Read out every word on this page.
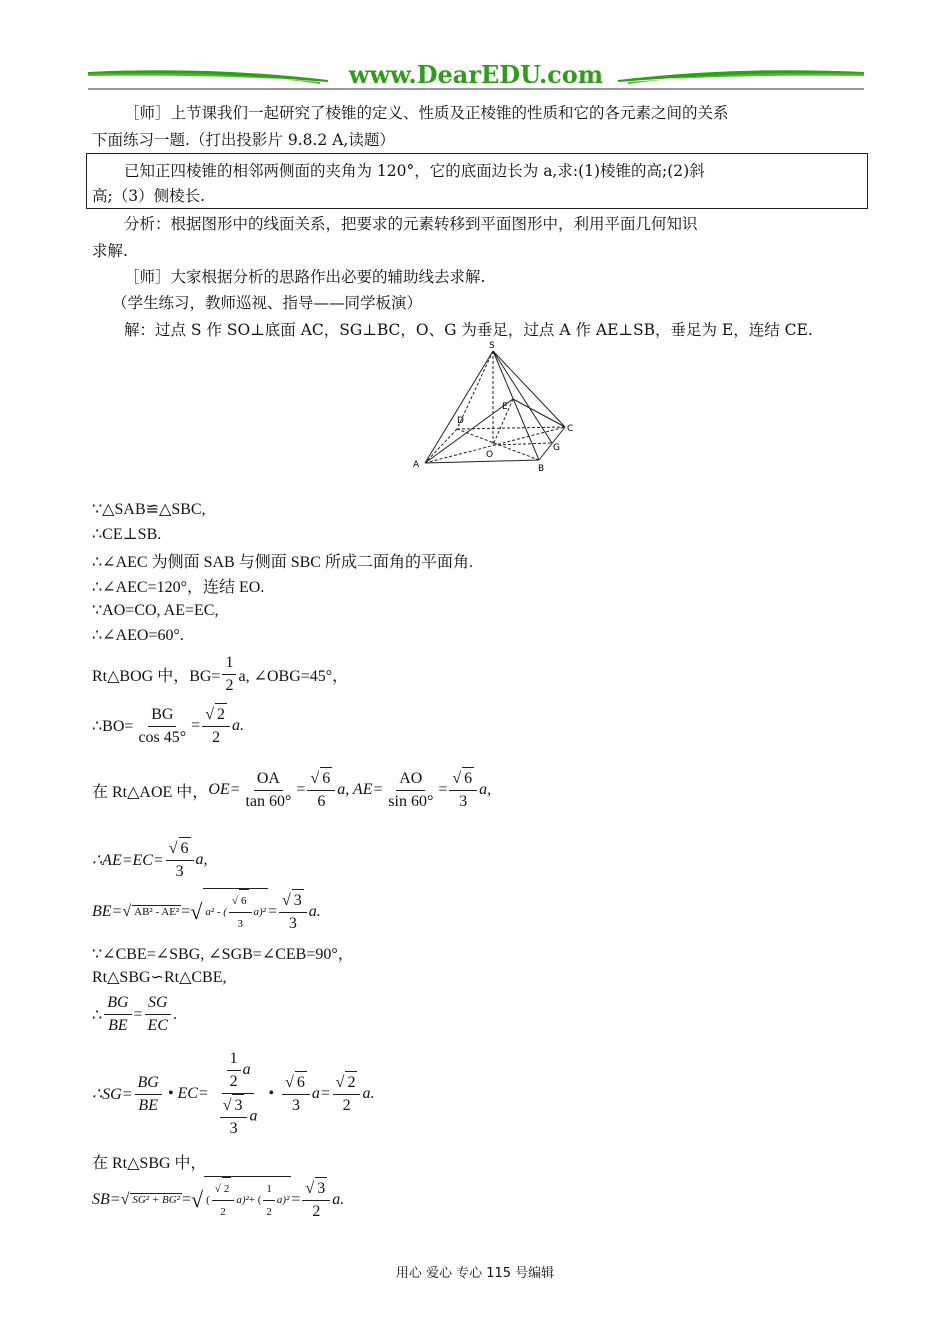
www.DearEDU.com
［师］上节课我们一起研究了棱锥的定义、性质及正棱锥的性质和它的各元素之间的关系
下面练习一题.（打出投影片 9.8.2 A,读题）
已知正四棱锥的相邻两侧面的夹角为 120°，它的底面边长为 a,求:(1)棱锥的高;(2)斜
高;（3）侧棱长.
分析：根据图形中的线面关系，把要求的元素转移到平面图形中，利用平面几何知识
求解.
［师］大家根据分析的思路作出必要的辅助线去求解.
（学生练习，教师巡视、指导——同学板演）
解：过点 S 作 SO⊥底面 AC，SG⊥BC，O、G 为垂足，过点 A 作 AE⊥SB，垂足为 E，连结 CE.
S
A	B
C
D
E
O
G
∵△SAB≌△SBC,
∴CE⊥SB.
∴∠AEC 为侧面 SAB 与侧面 SBC 所成二面角的平面角.
∴∠AEC=120°，连结 EO.
∵AO=CO, AE=EC,
∴∠AEO=60°.
Rt△BOG 中，$BG= \frac{1}{2} a$, ∠OBG=45°，
∴BO= $\frac{BG}{\cos 45^\circ}$ = √ $\frac{2}{2} a$.
在 Rt△AOE 中， $OE= \frac{OA}{\tan 60^\circ}$ = √ $\frac{6}{6} a$, $AE= \frac{AO}{\sin 60^\circ}$ = √ $\frac{6}{3} a$,
∴AE=EC= √ $\frac{6}{3} a$,
BE= √ AB² - AE² = √ a² - ( √ $\frac{6}{3} a)^2$ = √ $\frac{3}{3} a$.
∵∠CBE=∠SBG, ∠SGB=∠CEB=90°，
Rt△SBG∽Rt△CBE,
∴ $\frac{BG}{BE} = \frac{SG}{EC}$ .
∴SG= $\frac{BG}{BE}$ • $EC= \frac{1}{2}$ a
√ $\frac{3}{3}$ a • √ $\frac{6}{3} a=$ √ $\frac{2}{2} a$.
在 Rt△SBG 中，
SB= √ SG² + BG² = √ ( √ $\frac{2}{2} a)^2$ + ( $\frac{1}{2} a)^2$ = √ $\frac{3}{2} a$.
用心 爱心 专心 115 号编辑
